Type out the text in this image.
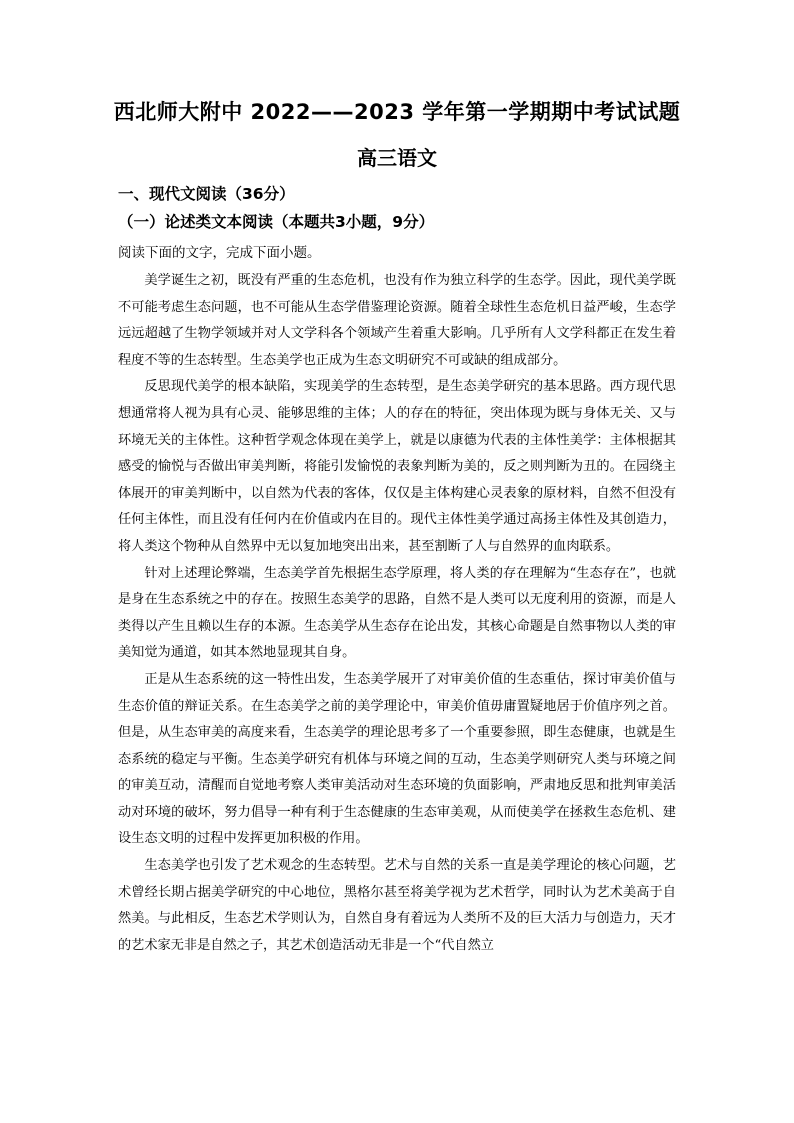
西北师大附中 2022——2023 学年第一学期期中考试试题
高三语文
一、现代文阅读（36分）
（一）论述类文本阅读（本题共3小题，9分）
阅读下面的文字，完成下面小题。

美学诞生之初，既没有严重的生态危机，也没有作为独立科学的生态学。因此，现代美学既不可能考虑生态问题，也不可能从生态学借鉴理论资源。随着全球性生态危机日益严峻，生态学远远超越了生物学领域并对人文学科各个领域产生着重大影响。几乎所有人文学科都正在发生着程度不等的生态转型。生态美学也正成为生态文明研究不可或缺的组成部分。

反思现代美学的根本缺陷，实现美学的生态转型，是生态美学研究的基本思路。西方现代思想通常将人视为具有心灵、能够思维的主体；人的存在的特征，突出体现为既与身体无关、又与环境无关的主体性。这种哲学观念体现在美学上，就是以康德为代表的主体性美学：主体根据其感受的愉悦与否做出审美判断，将能引发愉悦的表象判断为美的，反之则判断为丑的。在园绕主体展开的审美判断中，以自然为代表的客体，仅仅是主体构建心灵表象的原材料，自然不但没有任何主体性，而且没有任何内在价值或内在目的。现代主体性美学通过高扬主体性及其创造力，将人类这个物种从自然界中无以复加地突出出来，甚至割断了人与自然界的血肉联系。

针对上述理论弊端，生态美学首先根据生态学原理，将人类的存在理解为“生态存在”，也就是身在生态系统之中的存在。按照生态美学的思路，自然不是人类可以无度利用的资源，而是人类得以产生且赖以生存的本源。生态美学从生态存在论出发，其核心命题是自然事物以人类的审美知觉为通道，如其本然地显现其自身。

正是从生态系统的这一特性出发，生态美学展开了对审美价值的生态重估，探讨审美价值与生态价值的辩证关系。在生态美学之前的美学理论中，审美价值毋庸置疑地居于价值序列之首。但是，从生态审美的高度来看，生态美学的理论思考多了一个重要参照，即生态健康，也就是生态系统的稳定与平衡。生态美学研究有机体与环境之间的互动，生态美学则研究人类与环境之间的审美互动，清醒而自觉地考察人类审美活动对生态环境的负面影响，严肃地反思和批判审美活动对环境的破坏，努力倡导一种有利于生态健康的生态审美观，从而使美学在拯救生态危机、建设生态文明的过程中发挥更加积极的作用。

生态美学也引发了艺术观念的生态转型。艺术与自然的关系一直是美学理论的核心问题，艺术曾经长期占据美学研究的中心地位，黑格尔甚至将美学视为艺术哲学，同时认为艺术美高于自然美。与此相反，生态艺术学则认为，自然自身有着远为人类所不及的巨大活力与创造力，天才的艺术家无非是自然之子，其艺术创造活动无非是一个“代自然立
